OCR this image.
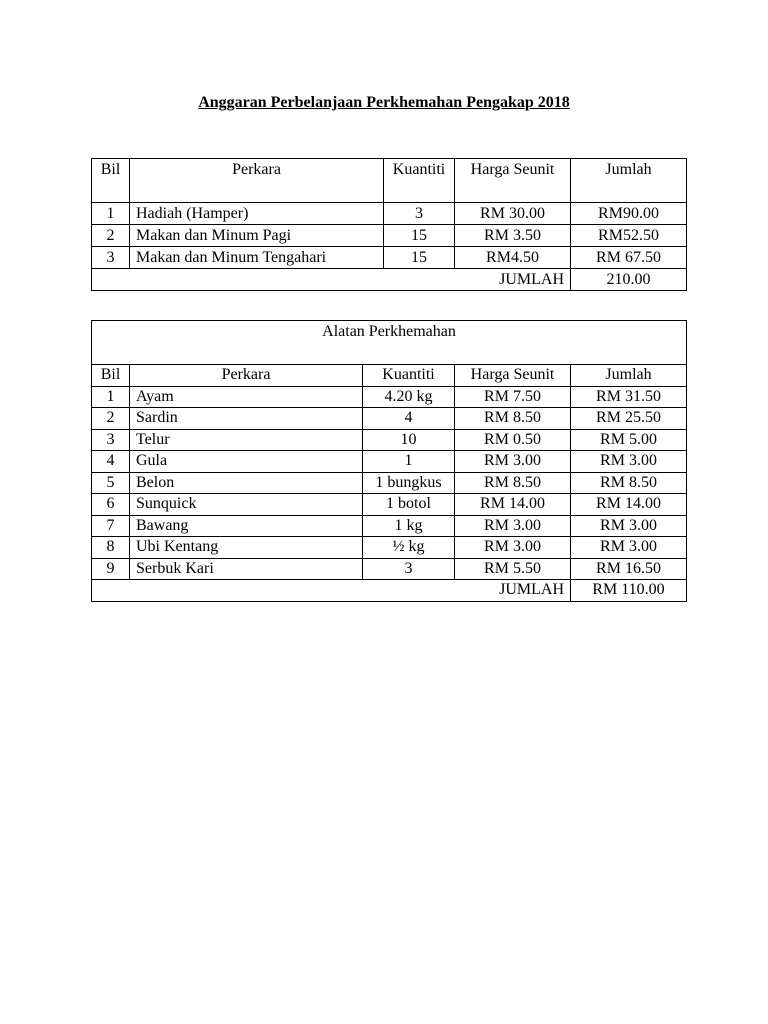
Anggaran Perbelanjaan Perkhemahan Pengakap 2018
Bil	Perkara	Kuantiti	Harga Seunit	Jumlah
1	Hadiah (Hamper)	3	RM 30.00	RM90.00
2	Makan dan Minum Pagi	15	RM 3.50	RM52.50
3	Makan dan Minum Tengahari	15	RM4.50	RM 67.50
JUMLAH				210.00
Alatan Perkhemahan				
Bil	Perkara	Kuantiti	Harga Seunit	Jumlah
1	Ayam	4.20 kg	RM 7.50	RM 31.50
2	Sardin	4	RM 8.50	RM 25.50
3	Telur	10	RM 0.50	RM 5.00
4	Gula	1	RM 3.00	RM 3.00
5	Belon	1 bungkus	RM 8.50	RM 8.50
6	Sunquick	1 botol	RM 14.00	RM 14.00
7	Bawang	1 kg	RM 3.00	RM 3.00
8	Ubi Kentang	½ kg	RM 3.00	RM 3.00
9	Serbuk Kari	3	RM 5.50	RM 16.50
JUMLAH				RM 110.00
